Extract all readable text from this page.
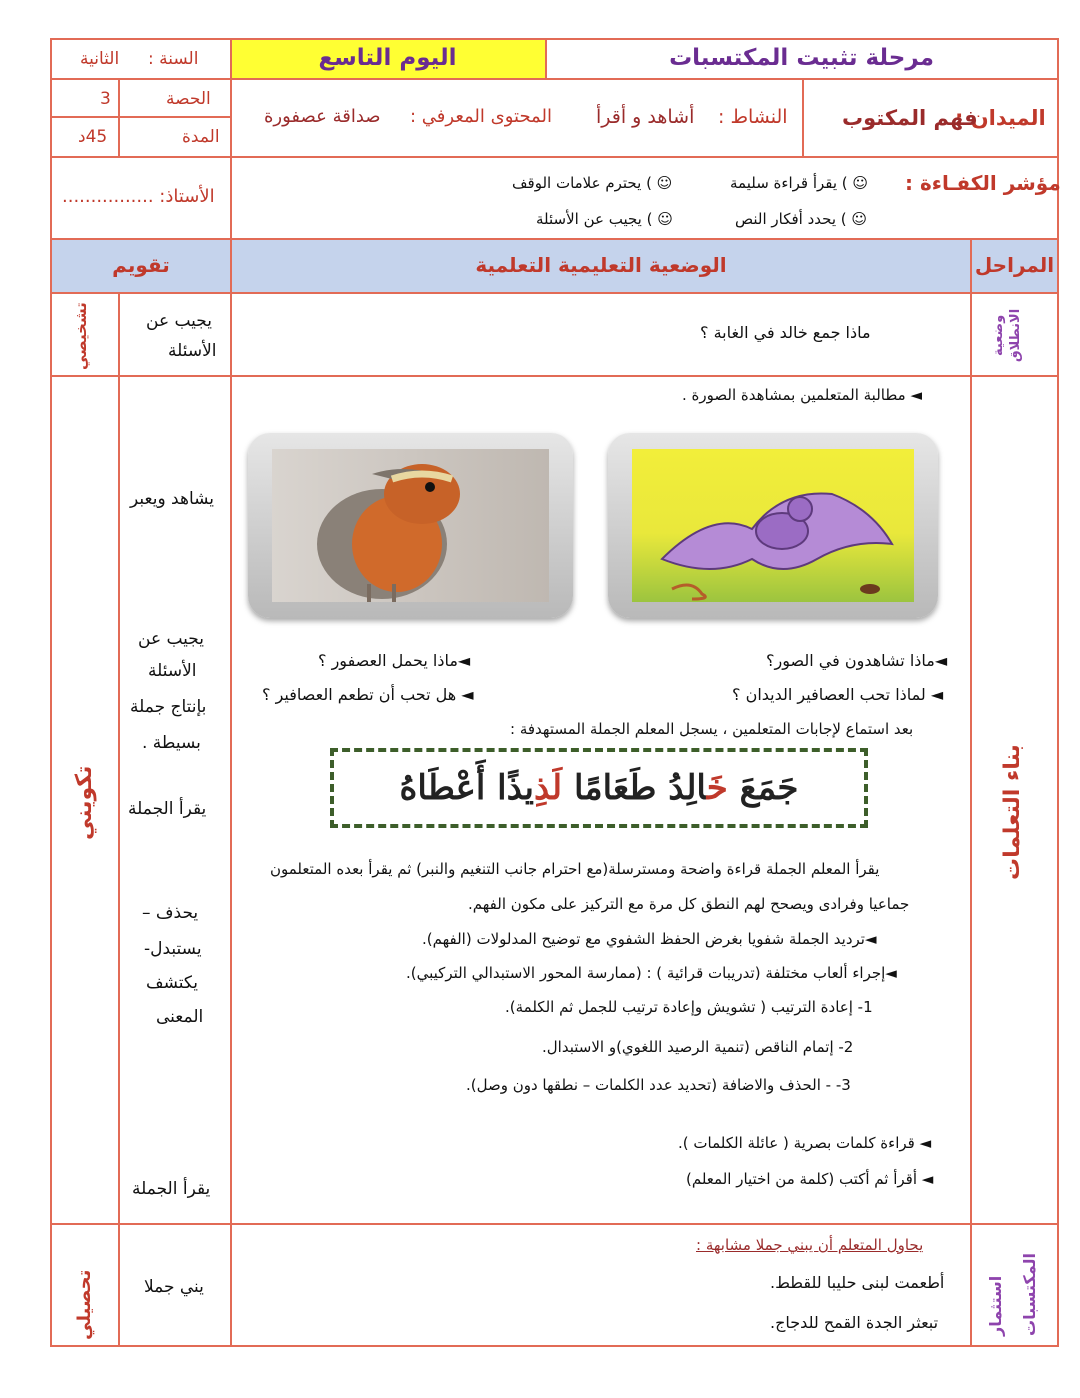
مرحلة تثبيت المكتسبات
اليوم التاسع
السنة :
الثانية
الميدان :
فهم المكتوب
النشاط :
أشاهد و أقرأ
المحتوى المعرفي :
صداقة عصفورة
الحصة
3
المدة
45د
مؤشر الكفـاءة :
☺ ) يقرأ قراءة سليمة
☺ ) يحترم علامات الوقف
☺ ) يحدد أفكار النص
☺ ) يجيب عن الأسئلة
الأستاذ: ................
المراحل
الوضعية التعليمية التعلمية
تقويم
وضعية الانطلاق
ماذا جمع خالد في الغابة ؟
يجيب عن
الأسئلة
تشخيصي
بناء التعلمات
تكويني
◄ مطالبة المتعلمين بمشاهدة الصورة .
◄ماذا تشاهدون في الصور؟
◄ماذا يحمل العصفور ؟
◄ لماذا تحب العصافير الديدان ؟
◄ هل تحب أن تطعم العصافير ؟
بعد استماع لإجابات المتعلمين ، يسجل المعلم الجملة المستهدفة :
جَمَعَ خَالِدُ طَعَامًا لَذِيذًا أَعْطَاهُ
يقرأ المعلم الجملة قراءة واضحة ومسترسلة(مع احترام جانب التنغيم والنبر) ثم يقرأ بعده المتعلمون
جماعيا وفرادى ويصحح لهم النطق كل مرة مع التركيز على مكون الفهم.
◄ترديد الجملة شفويا بغرض الحفظ الشفوي مع توضيح المدلولات (الفهم).
◄إجراء ألعاب مختلفة (تدريبات قرائية ) : (ممارسة المحور الاستبدالي التركيبي).
1- إعادة الترتيب ( تشويش وإعادة ترتيب للجمل ثم الكلمة).
2- إتمام الناقص (تنمية الرصيد اللغوي)و الاستبدال.
3- - الحذف والاضافة (تحديد عدد الكلمات – نطقها دون وصل).
◄ قراءة كلمات بصرية ( عائلة الكلمات ).
◄ أقرأ ثم أكتب (كلمة من اختيار المعلم)
يشاهد ويعبر
يجيب عن
الأسئلة
بإنتاج جملة
بسيطة .
يقرأ الجملة
يحذف –
يستبدل-
يكتشف
المعنى
يقرأ الجملة
استثمار المكتسبات
تحصيلي
يحاول المتعلم أن يبني جملا مشابهة :
أطعمت لبنى حليبا للقطط.
تبعثر الجدة القمح للدجاج.
يني جملا
